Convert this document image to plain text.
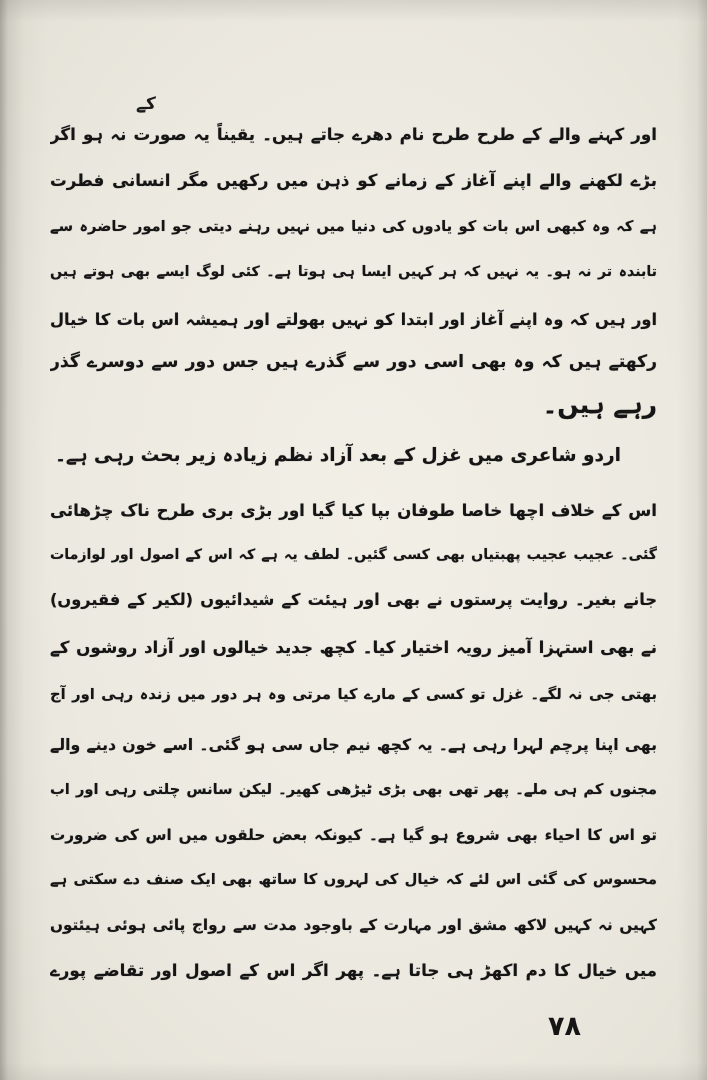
کے
اور کہنے والے کے طرح طرح نام دھرے جاتے ہیں۔ یقیناً یہ صورت نہ ہو اگر
بڑے لکھنے والے اپنے آغاز کے زمانے کو ذہن میں رکھیں مگر انسانی فطرت
ہے کہ وہ کبھی اس بات کو یادوں کی دنیا میں نہیں رہنے دیتی جو امور حاضرہ سے
تابندہ تر نہ ہو۔ یہ نہیں کہ ہر کہیں ایسا ہی ہوتا ہے۔ کئی لوگ ایسے بھی ہوتے ہیں
اور ہیں کہ وہ اپنے آغاز اور ابتدا کو نہیں بھولتے اور ہمیشہ اس بات کا خیال
رکھتے ہیں کہ وہ بھی اسی دور سے گذرے ہیں جس دور سے دوسرے گذر
رہے ہیں۔
اردو شاعری میں غزل کے بعد آزاد نظم زیادہ زیر بحث رہی ہے۔
اس کے خلاف اچھا خاصا طوفان بپا کیا گیا اور بڑی بری طرح ناک چڑھائی
گئی۔ عجیب عجیب پھبتیاں بھی کسی گئیں۔ لطف یہ ہے کہ اس کے اصول اور لوازمات
جانے بغیر۔ روایت پرستوں نے بھی اور ہیئت کے شیدائیوں (لکیر کے فقیروں)
نے بھی استہزا آمیز رویہ اختیار کیا۔ کچھ جدید خیالوں اور آزاد روشوں کے
بھتی جی نہ لگے۔ غزل تو کسی کے مارے کیا مرتی وہ ہر دور میں زندہ رہی اور آج
بھی اپنا پرچم لہرا رہی ہے۔ یہ کچھ نیم جاں سی ہو گئی۔ اسے خون دینے والے
مجنوں کم ہی ملے۔ پھر تھی بھی بڑی ٹیڑھی کھیر۔ لیکن سانس چلتی رہی اور اب
تو اس کا احیاء بھی شروع ہو گیا ہے۔ کیونکہ بعض حلقوں میں اس کی ضرورت
محسوس کی گئی اس لئے کہ خیال کی لہروں کا ساتھ بھی ایک صنف دے سکتی ہے
کہیں نہ کہیں لاکھ مشق اور مہارت کے باوجود مدت سے رواج پائی ہوئی ہیئتوں
میں خیال کا دم اکھڑ ہی جاتا ہے۔ پھر اگر اس کے اصول اور تقاضے پورے
۷۸
